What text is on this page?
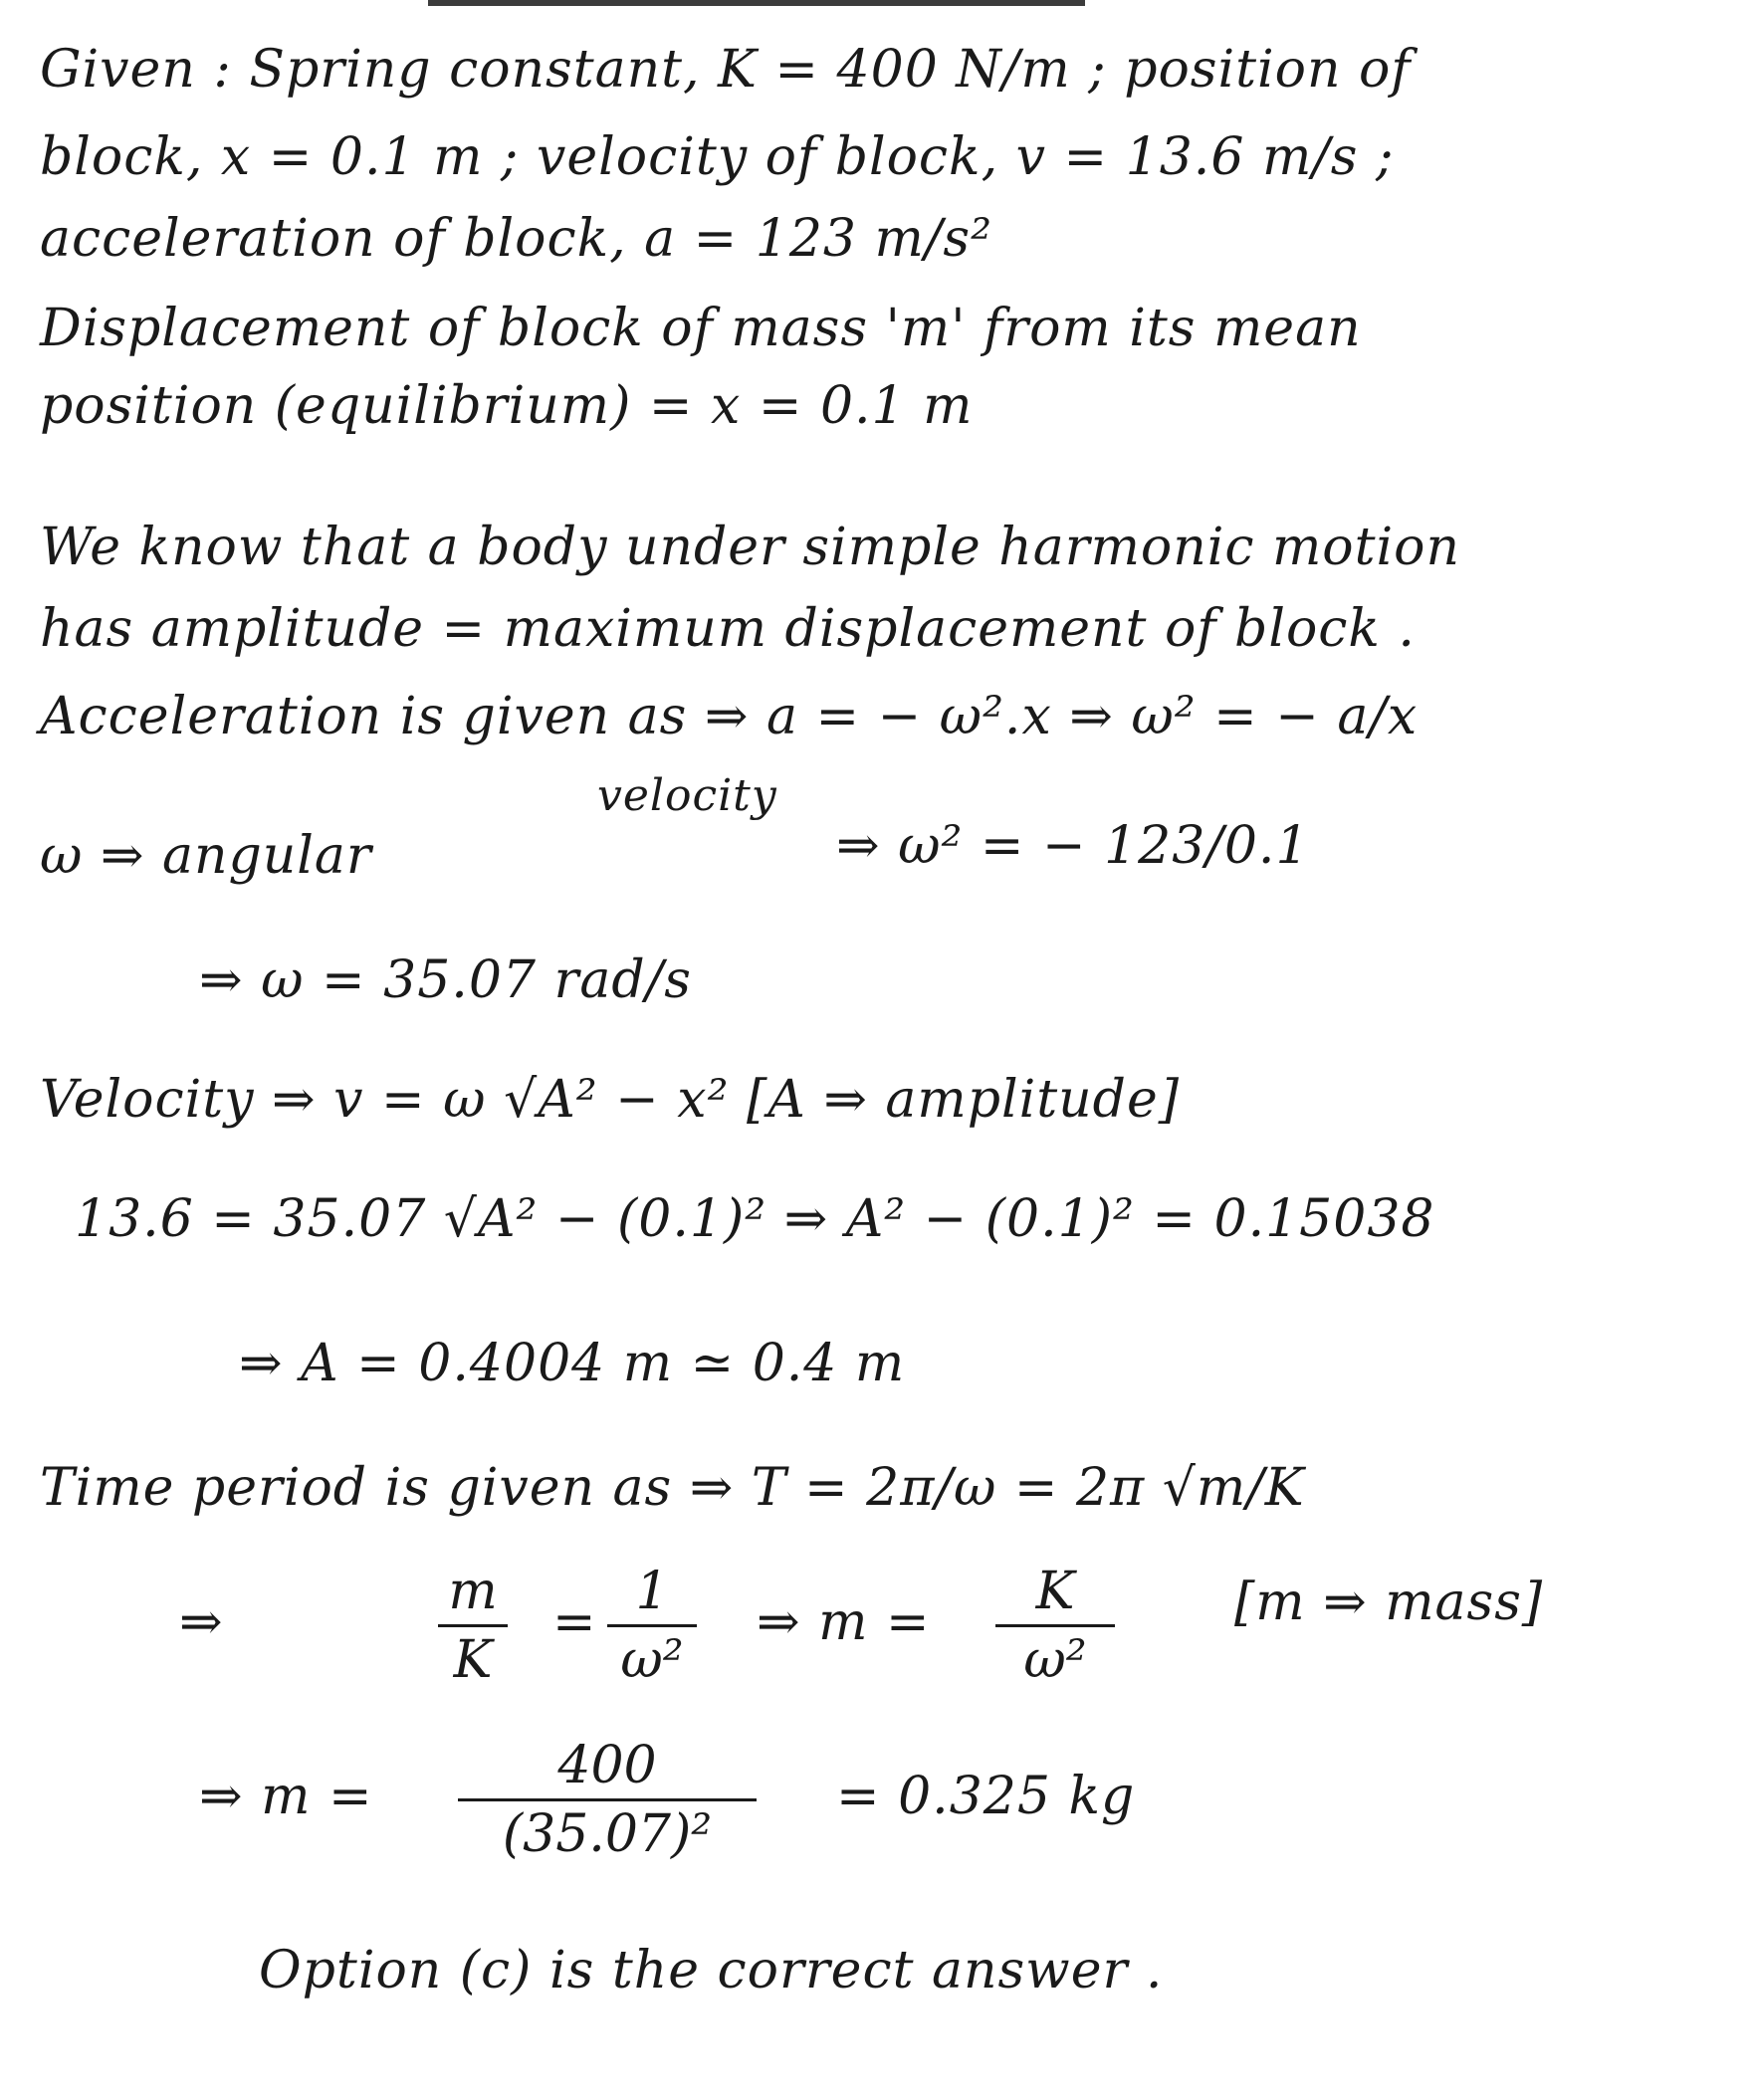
Given : Spring constant, K = 400 N/m ; position of
block, x = 0.1 m ; velocity of block, v = 13.6 m/s ;
acceleration of block, a = 123 m/s²
Displacement of block of mass 'm' from its mean
position (equilibrium) = x = 0.1 m
We know that a body under simple harmonic motion
has amplitude = maximum displacement of block .
Acceleration is given as ⇒ a = − ω².x ⇒ ω² = − a/x
velocity
ω ⇒ angular	⇒ ω² = − 123/0.1
⇒ ω = 35.07 rad/s
Velocity ⇒ v = ω √A² − x² [A ⇒ amplitude]
13.6 = 35.07 √A² − (0.1)² ⇒ A² − (0.1)² = 0.15038
⇒ A = 0.4004 m ≃ 0.4 m
Time period is given as ⇒ T = 2π/ω = 2π √m/K
⇒
m
K
=
1
ω²
⇒ m =
K
ω²
[m ⇒ mass]
⇒ m =
400
(35.07)²
= 0.325 kg
Option (c) is the correct answer .
